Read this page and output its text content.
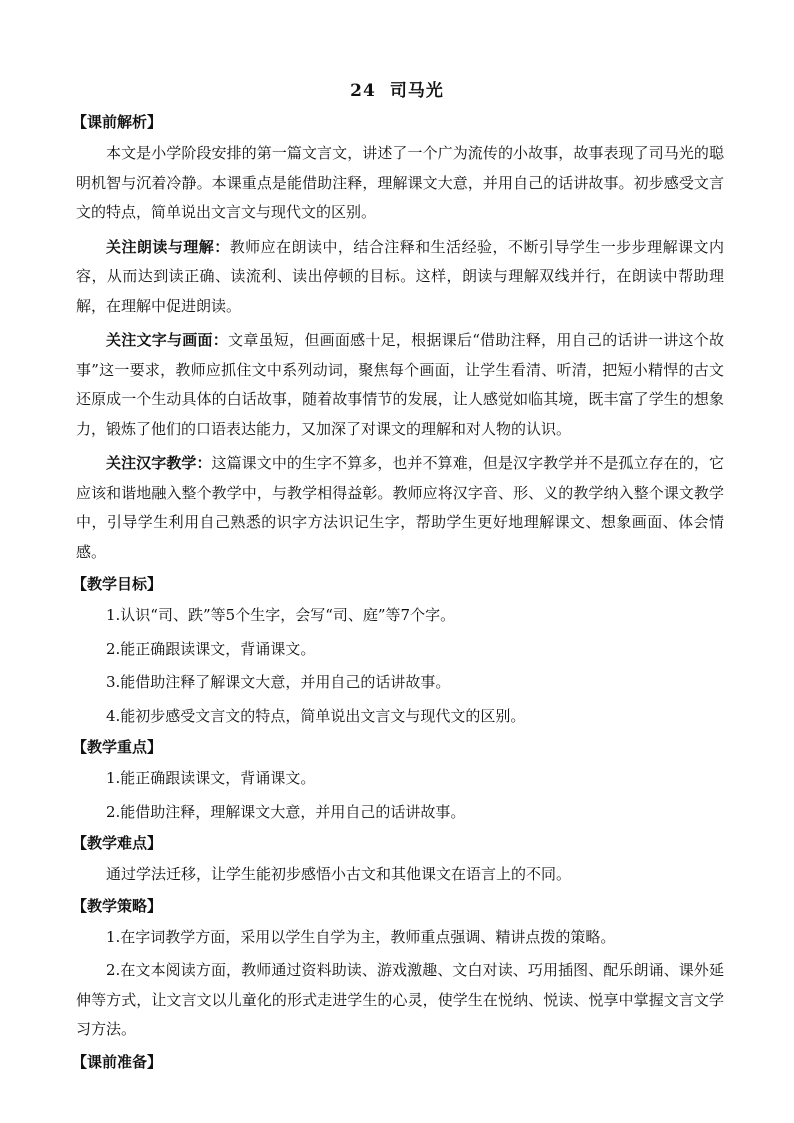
24 司马光
【课前解析】

本文是小学阶段安排的第一篇文言文，讲述了一个广为流传的小故事，故事表现了司马光的聪明机智与沉着冷静。本课重点是能借助注释，理解课文大意，并用自己的话讲故事。初步感受文言文的特点，简单说出文言文与现代文的区别。

关注朗读与理解：教师应在朗读中，结合注释和生活经验，不断引导学生一步步理解课文内容，从而达到读正确、读流利、读出停顿的目标。这样，朗读与理解双线并行，在朗读中帮助理解，在理解中促进朗读。

关注文字与画面：文章虽短，但画面感十足，根据课后“借助注释，用自己的话讲一讲这个故事”这一要求，教师应抓住文中系列动词，聚焦每个画面，让学生看清、听清，把短小精悍的古文还原成一个生动具体的白话故事，随着故事情节的发展，让人感觉如临其境，既丰富了学生的想象力，锻炼了他们的口语表达能力，又加深了对课文的理解和对人物的认识。

关注汉字教学：这篇课文中的生字不算多，也并不算难，但是汉字教学并不是孤立存在的，它应该和谐地融入整个教学中，与教学相得益彰。教师应将汉字音、形、义的教学纳入整个课文教学中，引导学生利用自己熟悉的识字方法识记生字，帮助学生更好地理解课文、想象画面、体会情感。

【教学目标】

1.认识“司、跌”等5个生字，会写“司、庭”等7个字。

2.能正确跟读课文，背诵课文。

3.能借助注释了解课文大意，并用自己的话讲故事。

4.能初步感受文言文的特点，简单说出文言文与现代文的区别。

【教学重点】

1.能正确跟读课文，背诵课文。

2.能借助注释，理解课文大意，并用自己的话讲故事。

【教学难点】

通过学法迁移，让学生能初步感悟小古文和其他课文在语言上的不同。

【教学策略】

1.在字词教学方面，采用以学生自学为主，教师重点强调、精讲点拨的策略。

2.在文本阅读方面，教师通过资料助读、游戏激趣、文白对读、巧用插图、配乐朗诵、课外延伸等方式，让文言文以儿童化的形式走进学生的心灵，使学生在悦纳、悦读、悦享中掌握文言文学习方法。

【课前准备】
